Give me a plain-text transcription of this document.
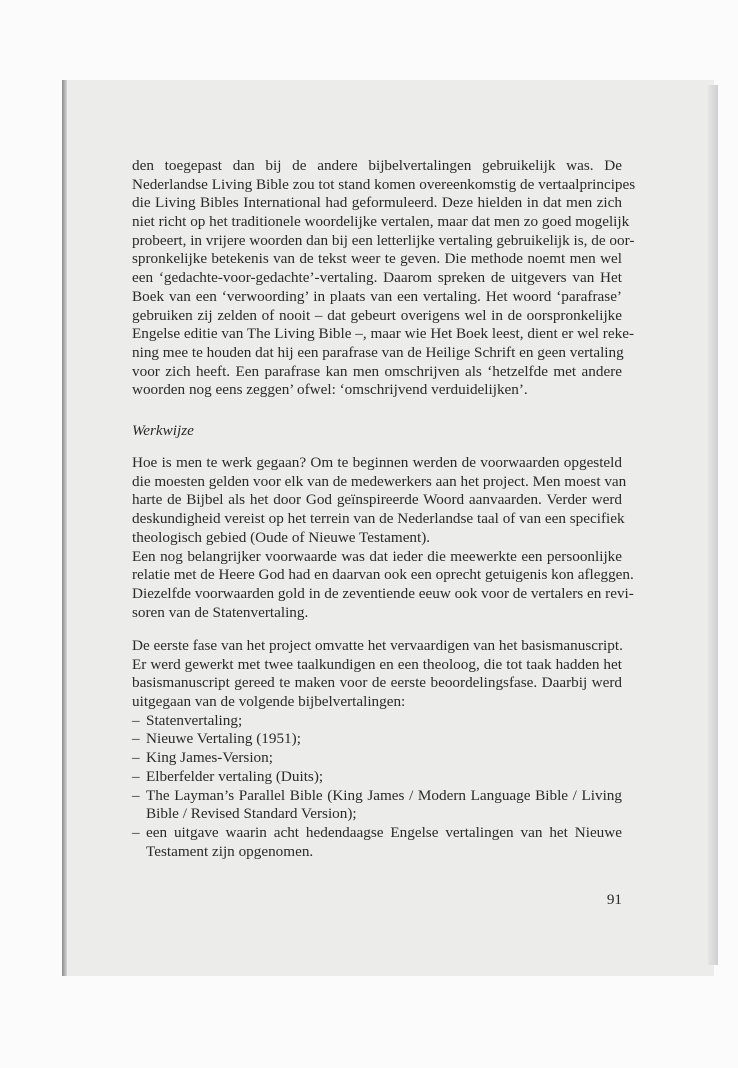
den toegepast dan bij de andere bijbelvertalingen gebruikelijk was. De
Nederlandse Living Bible zou tot stand komen overeenkomstig de vertaalprincipes
die Living Bibles International had geformuleerd. Deze hielden in dat men zich
niet richt op het traditionele woordelijke vertalen, maar dat men zo goed mogelijk
probeert, in vrijere woorden dan bij een letterlijke vertaling gebruikelijk is, de oor-
spronkelijke betekenis van de tekst weer te geven. Die methode noemt men wel
een ‘gedachte-voor-gedachte’-vertaling. Daarom spreken de uitgevers van Het
Boek van een ‘verwoording’ in plaats van een vertaling. Het woord ‘parafrase’
gebruiken zij zelden of nooit – dat gebeurt overigens wel in de oorspronkelijke
Engelse editie van The Living Bible –, maar wie Het Boek leest, dient er wel reke-
ning mee te houden dat hij een parafrase van de Heilige Schrift en geen vertaling
voor zich heeft. Een parafrase kan men omschrijven als ‘hetzelfde met andere
woorden nog eens zeggen’ ofwel: ‘omschrijvend verduidelijken’.
Werkwijze
Hoe is men te werk gegaan? Om te beginnen werden de voorwaarden opgesteld
die moesten gelden voor elk van de medewerkers aan het project. Men moest van
harte de Bijbel als het door God geïnspireerde Woord aanvaarden. Verder werd
deskundigheid vereist op het terrein van de Nederlandse taal of van een specifiek
theologisch gebied (Oude of Nieuwe Testament).
Een nog belangrijker voorwaarde was dat ieder die meewerkte een persoonlijke
relatie met de Heere God had en daarvan ook een oprecht getuigenis kon afleggen.
Diezelfde voorwaarden gold in de zeventiende eeuw ook voor de vertalers en revi-
soren van de Statenvertaling.
De eerste fase van het project omvatte het vervaardigen van het basismanuscript.
Er werd gewerkt met twee taalkundigen en een theoloog, die tot taak hadden het
basismanuscript gereed te maken voor de eerste beoordelingsfase. Daarbij werd
uitgegaan van de volgende bijbelvertalingen:
– Statenvertaling;
– Nieuwe Vertaling (1951);
– King James-Version;
– Elberfelder vertaling (Duits);
– The Layman’s Parallel Bible (King James / Modern Language Bible / Living
Bible / Revised Standard Version);
– een uitgave waarin acht hedendaagse Engelse vertalingen van het Nieuwe
Testament zijn opgenomen.
91
